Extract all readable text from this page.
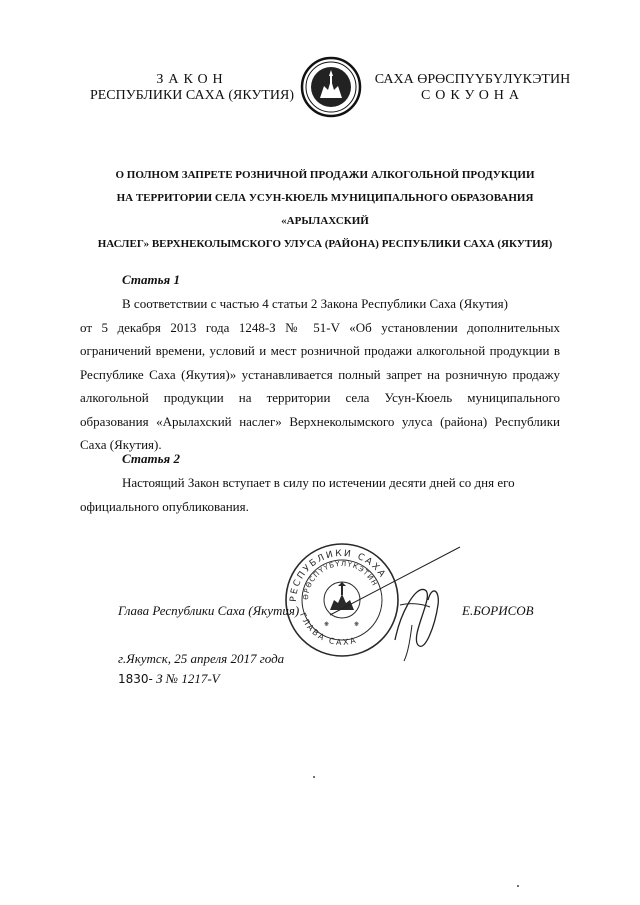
ЗАКОН
РЕСПУБЛИКИ САХА (ЯКУТИЯ)
САХА ӨРӨСПҮҮБҮЛҮКЭТИН
СОКУОНА
О ПОЛНОМ ЗАПРЕТЕ РОЗНИЧНОЙ ПРОДАЖИ АЛКОГОЛЬНОЙ ПРОДУКЦИИ
НА ТЕРРИТОРИИ СЕЛА УСУН-КЮЕЛЬ МУНИЦИПАЛЬНОГО ОБРАЗОВАНИЯ «АРЫЛАХСКИЙ
НАСЛЕГ» ВЕРХНЕКОЛЫМСКОГО УЛУСА (РАЙОНА) РЕСПУБЛИКИ САХА (ЯКУТИЯ)
Статья 1
В соответствии с частью 4 статьи 2 Закона Республики Саха (Якутия)
от 5 декабря 2013 года 1248-З № 51-V «Об установлении дополнительных ограничений времени, условий и мест розничной продажи алкогольной продукции в Республике Саха (Якутия)» устанавливается полный запрет на розничную продажу алкогольной продукции на территории села Усун-Кюель муниципального образования «Арылахский наслег» Верхнеколымского улуса (района) Республики Саха (Якутия).
Статья 2
Настоящий Закон вступает в силу по истечении десяти дней со дня его
официального опубликования.
РЕСПУБЛИКИ САХА
ӨРӨСПҮҮБҮЛҮКЭТИН
ГЛАВА САХА
❋	❋
Глава Республики Саха (Якутия)	Е.БОРИСОВ
г.Якутск, 25 апреля 2017 года
1830- З № 1217-V
